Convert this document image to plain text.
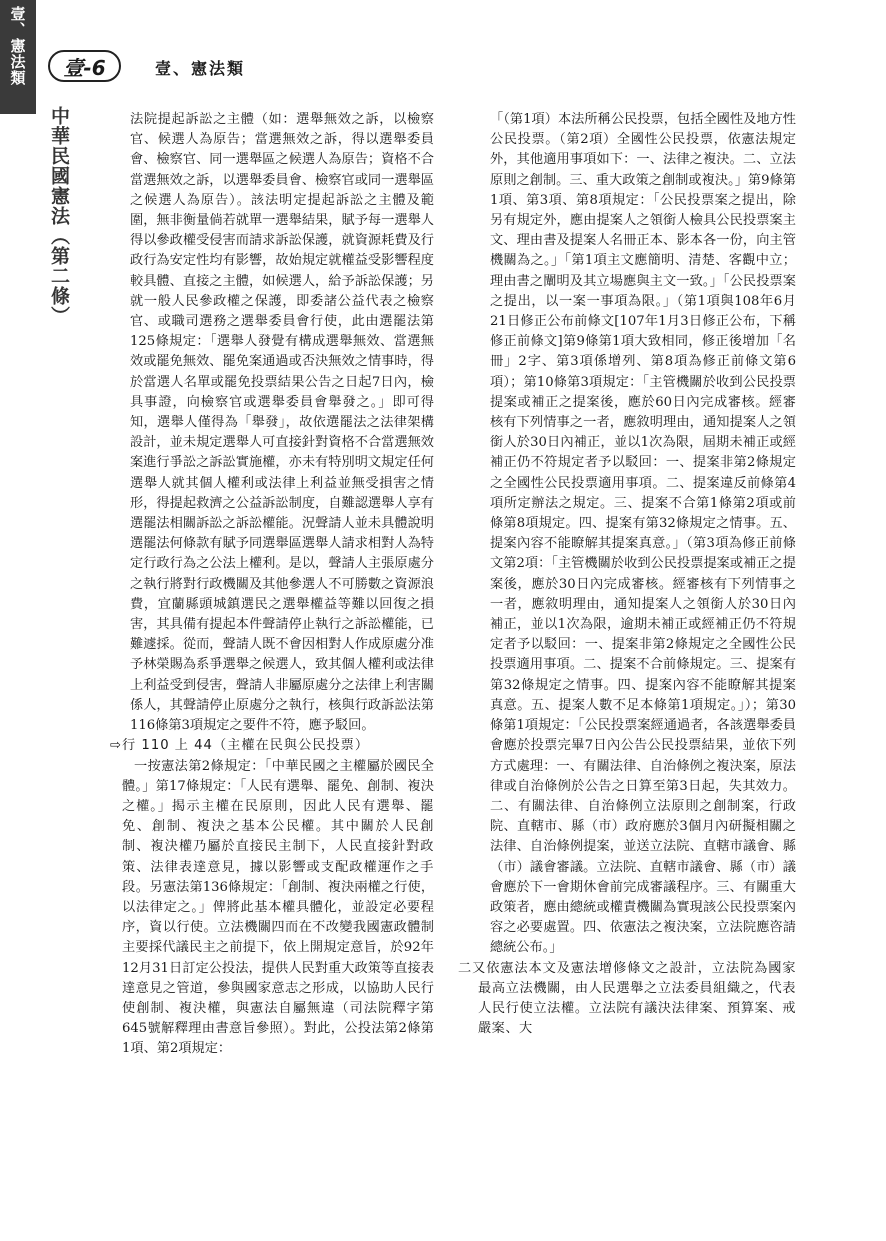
壹、憲法類	壹-6	壹、憲法類
中華民國憲法（第二條）	法院提起訴訟之主體（如：選舉無效之訴，以檢察官、候選人為原告；當選無效之訴，得以選舉委員會、檢察官、同一選舉區之候選人為原告；資格不合當選無效之訴，以選舉委員會、檢察官或同一選舉區之候選人為原告）。該法明定提起訴訟之主體及範圍，無非衡量倘若就單一選舉結果，賦予每一選舉人得以參政權受侵害而請求訴訟保護，就資源耗費及行政行為安定性均有影響，故始規定就權益受影響程度較具體、直接之主體，如候選人，給予訴訟保護；另就一般人民參政權之保護，即委諸公益代表之檢察官、或職司選務之選舉委員會行使，此由選罷法第125條規定：「選舉人發覺有構成選舉無效、當選無效或罷免無效、罷免案通過或否決無效之情事時，得於當選人名單或罷免投票結果公告之日起7日內，檢具事證，向檢察官或選舉委員會舉發之。」即可得知，選舉人僅得為「舉發」，故依選罷法之法律架構設計，並未規定選舉人可直接針對資格不合當選無效案進行爭訟之訴訟實施權，亦未有特別明文規定任何選舉人就其個人權利或法律上利益並無受損害之情形，得提起救濟之公益訴訟制度，自難認選舉人享有選罷法相關訴訟之訴訟權能。況聲請人並未具體說明選罷法何條款有賦予同選舉區選舉人請求相對人為特定行政行為之公法上權利。是以，聲請人主張原處分之執行將對行政機關及其他參選人不可勝數之資源浪費，宜蘭縣頭城鎮選民之選舉權益等難以回復之損害，其具備有提起本件聲請停止執行之訴訟權能，已難遽採。從而，聲請人既不會因相對人作成原處分准予林榮賜為系爭選舉之候選人，致其個人權利或法律上利益受到侵害，聲請人非屬原處分之法律上利害關係人，其聲請停止原處分之執行，核與行政訴訟法第116條第3項規定之要件不符，應予駁回。

⇨行 110 上 44（主權在民與公民投票）

一按憲法第2條規定：「中華民國之主權屬於國民全體。」第17條規定：「人民有選舉、罷免、創制、複決之權。」

揭示主權在民原則，因此人民有選舉、罷免、創制、複決之基本公民權。其中關於人民創制、複決權乃屬於直接民主制下，人民直接針對政策、法律表達意見，據以影響或支配政權運作之手段。另憲法第136條規定：「創制、複決兩權之行使，以法律定之。」俾將此基本權具體化，並設定必要程序，資以行使。立法機關四而在不改變我國憲政體制主要採代議民主之前提下，依上開規定意旨，於92年12月31日訂定公投法，提供人民對重大政策等直接表達意見之管道，參與國家意志之形成，以協助人民行使創制、複決權，與憲法自屬無違（司法院釋字第645號解釋理由書意旨參照）。對此，公投法第2條第1項、第2項規定：

「（第1項）本法所稱公民投票，包括全國性及地方性公民投票。（第2項）全國性公民投票，依憲法規定外，其他適用事項如下：一、法律之複決。二、立法原則之創制。三、重大政策之創制或複決。」第9條第1項、第3項、第8項規定：「公民投票案之提出，除另有規定外，應由提案人之領銜人檢具公民投票案主文、理由書及提案人名冊正本、影本各一份，向主管機關為之。」「第1項主文應簡明、清楚、客觀中立；理由書之闡明及其立場應與主文一致。」「公民投票案之提出，以一案一事項為限。」（第1項與108年6月21日修正公布前條文[107年1月3日修正公布，下稱修正前條文]第9條第1項大致相同，修正後增加「名冊」2字、第3項係增列、第8項為修正前條文第6項）；第10條第3項規定：「主管機關於收到公民投票提案或補正之提案後，應於60日內完成審核。經審核有下列情事之一者，應敘明理由，通知提案人之領銜人於30日內補正，並以1次為限，屆期未補正或經補正仍不符規定者予以駁回：一、提案非第2條規定之全國性公民投票適用事項。二、提案違反前條第4項所定辦法之規定。三、提案不合第1條第2項或前條第8項規定。四、提案有第32條規定之情事。五、提案內容不能瞭解其提案真意。」（第3項為修正前條文第2項：「主管機關於收到公民投票提案或補正之提案後，應於30日內完成審核。經審核有下列情事之一者，應敘明理由，通知提案人之領銜人於30日內補正，並以1次為限，逾期未補正或經補正仍不符規定者予以駁回：一、提案非第2條規定之全國性公民投票適用事項。二、提案不合前條規定。三、提案有第32條規定之情事。四、提案內容不能瞭解其提案真意。五、提案人數不足本條第1項規定。」）；第30條第1項規定：「公民投票案經通過者，各該選舉委員會應於投票完畢7日內公告公民投票結果，並依下列方式處理：一、有關法律、自治條例之複決案，原法律或自治條例於公告之日算至第3日起，失其效力。二、有關法律、自治條例立法原則之創制案，行政院、直轄市、縣（市）政府應於3個月內研擬相關之法律、自治條例提案，並送立法院、直轄市議會、縣（市）議會審議。立法院、直轄市議會、縣（市）議會應於下一會期休會前完成審議程序。三、有關重大政策者，應由總統或權責機關為實現該公民投票案內容之必要處置。四、依憲法之複決案，立法院應咨請總統公布。」

二又依憲法本文及憲法增修條文之設計，立法院為國家最高立法機關，由人民選舉之立法委員組織之，代表人民行使立法權。立法院有議決法律案、預算案、戒嚴案、大
